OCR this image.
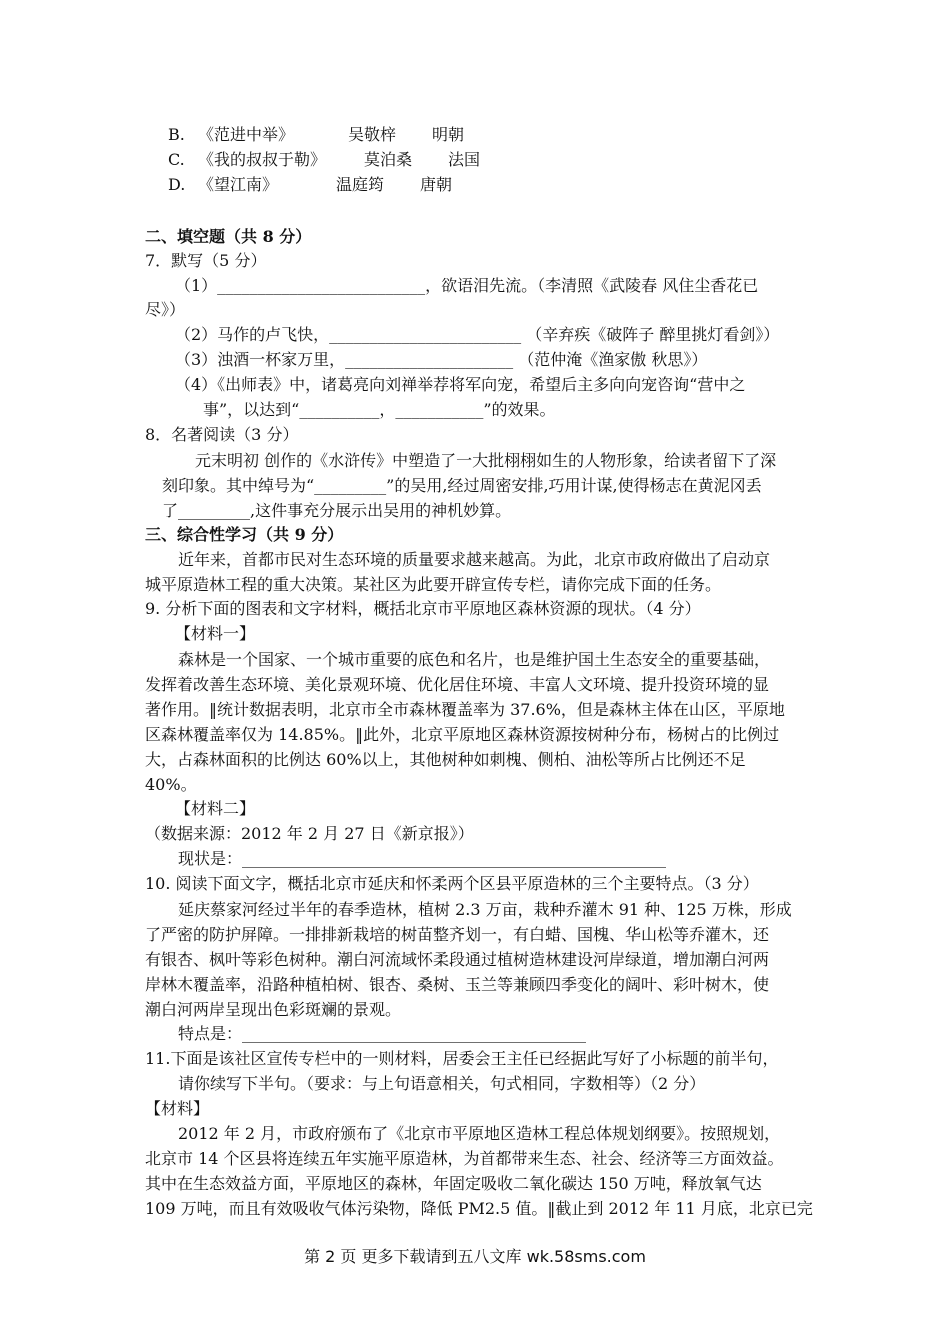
B. 《范进中举》	吴敬梓 明朝
C. 《我的叔叔于勒》 莫泊桑 法国
D. 《望江南》	温庭筠 唐朝
二、填空题（共 8 分）
7．默写（5 分）
（1）__________________________，欲语泪先流。（李清照《武陵春 风住尘香花已
尽》）
（2）马作的卢飞快，________________________ （辛弃疾《破阵子 醉里挑灯看剑》）
（3）浊酒一杯家万里，_____________________ （范仲淹《渔家傲 秋思》）
（4）《出师表》中，诸葛亮向刘禅举荐将军向宠，希望后主多向向宠咨询“营中之
事”，以达到“__________，___________”的效果。
8．名著阅读（3 分）
元末明初 创作的《水浒传》中塑造了一大批栩栩如生的人物形象，给读者留下了深
刻印象。其中绰号为“_________”的吴用,经过周密安排,巧用计谋,使得杨志在黄泥冈丢
了_________,这件事充分展示出吴用的神机妙算。
三、综合性学习（共 9 分）
近年来，首都市民对生态环境的质量要求越来越高。为此，北京市政府做出了启动京
城平原造林工程的重大决策。某社区为此要开辟宣传专栏，请你完成下面的任务。
9. 分析下面的图表和文字材料，概括北京市平原地区森林资源的现状。（4 分）
【材料一】
森林是一个国家、一个城市重要的底色和名片，也是维护国土生态安全的重要基础，
发挥着改善生态环境、美化景观环境、优化居住环境、丰富人文环境、提升投资环境的显
著作用。‖统计数据表明，北京市全市森林覆盖率为 37.6%，但是森林主体在山区，平原地
区森林覆盖率仅为 14.85%。‖此外，北京平原地区森林资源按树种分布，杨树占的比例过
大，占森林面积的比例达 60%以上，其他树种如刺槐、侧柏、油松等所占比例还不足
40%。
【材料二】
（数据来源：2012 年 2 月 27 日《新京报》）
现状是：_____________________________________________________
10. 阅读下面文字，概括北京市延庆和怀柔两个区县平原造林的三个主要特点。（3 分）
延庆蔡家河经过半年的春季造林，植树 2.3 万亩，栽种乔灌木 91 种、125 万株，形成
了严密的防护屏障。一排排新栽培的树苗整齐划一，有白蜡、国槐、华山松等乔灌木，还
有银杏、枫叶等彩色树种。潮白河流域怀柔段通过植树造林建设河岸绿道，增加潮白河两
岸林木覆盖率，沿路种植柏树、银杏、桑树、玉兰等兼顾四季变化的阔叶、彩叶树木，使
潮白河两岸呈现出色彩斑斓的景观。
特点是：___________________________________________
11.下面是该社区宣传专栏中的一则材料，居委会王主任已经据此写好了小标题的前半句，
请你续写下半句。（要求：与上句语意相关，句式相同，字数相等）（2 分）
【材料】
2012 年 2 月，市政府颁布了《北京市平原地区造林工程总体规划纲要》。按照规划，
北京市 14 个区县将连续五年实施平原造林，为首都带来生态、社会、经济等三方面效益。
其中在生态效益方面，平原地区的森林，年固定吸收二氧化碳达 150 万吨，释放氧气达
109 万吨，而且有效吸收气体污染物，降低 PM2.5 值。‖截止到 2012 年 11 月底，北京已完
第 2 页 更多下载请到五八文库 wk.58sms.com
